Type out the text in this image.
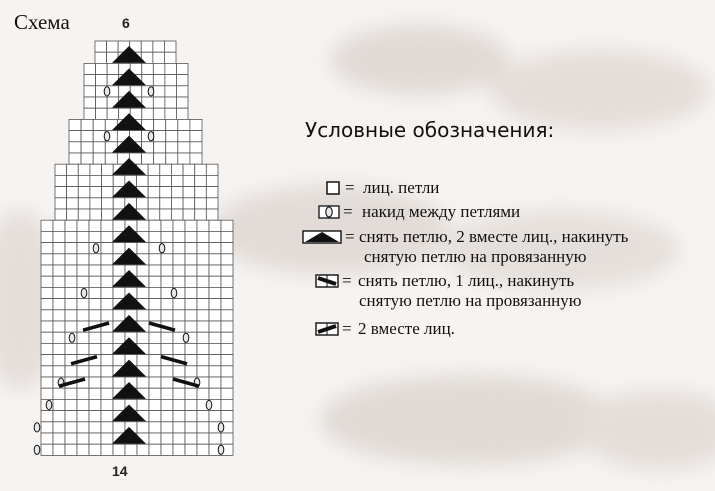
Схема	6
14
Условные обозначения:
= лиц. петли
= накид между петлями
= снять петлю, 2 вместе лиц., накинуть
снятую петлю на провязанную
= снять петлю, 1 лиц., накинуть
снятую петлю на провязанную
= 2 вместе лиц.
